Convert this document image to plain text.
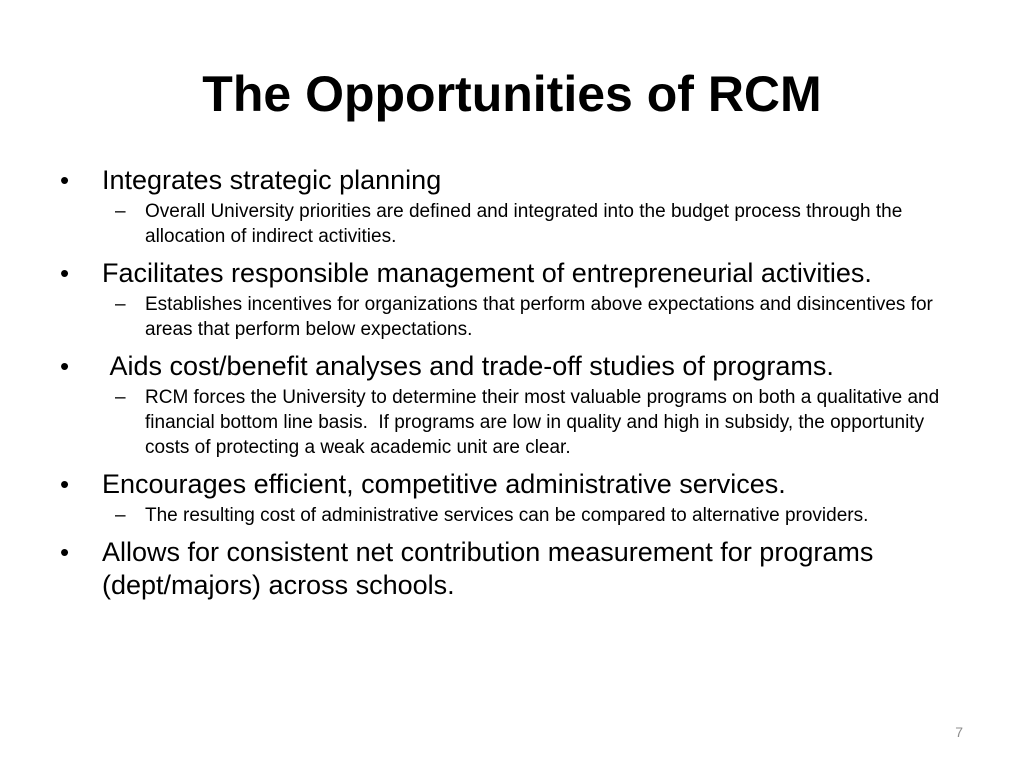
The Opportunities of RCM
•	Integrates strategic planning
–	Overall University priorities are defined and integrated into the budget process through the allocation of indirect activities.
•	Facilitates responsible management of entrepreneurial activities.
–	Establishes incentives for organizations that perform above expectations and disincentives for areas that perform below expectations.
•	Aids cost/benefit analyses and trade-off studies of programs.
–	RCM forces the University to determine their most valuable programs on both a qualitative and financial bottom line basis.  If programs are low in quality and high in subsidy, the opportunity costs of protecting a weak academic unit are clear.
•	Encourages efficient, competitive administrative services.
–	The resulting cost of administrative services can be compared to alternative providers.
•	Allows for consistent net contribution measurement for programs (dept/majors) across schools.
7
